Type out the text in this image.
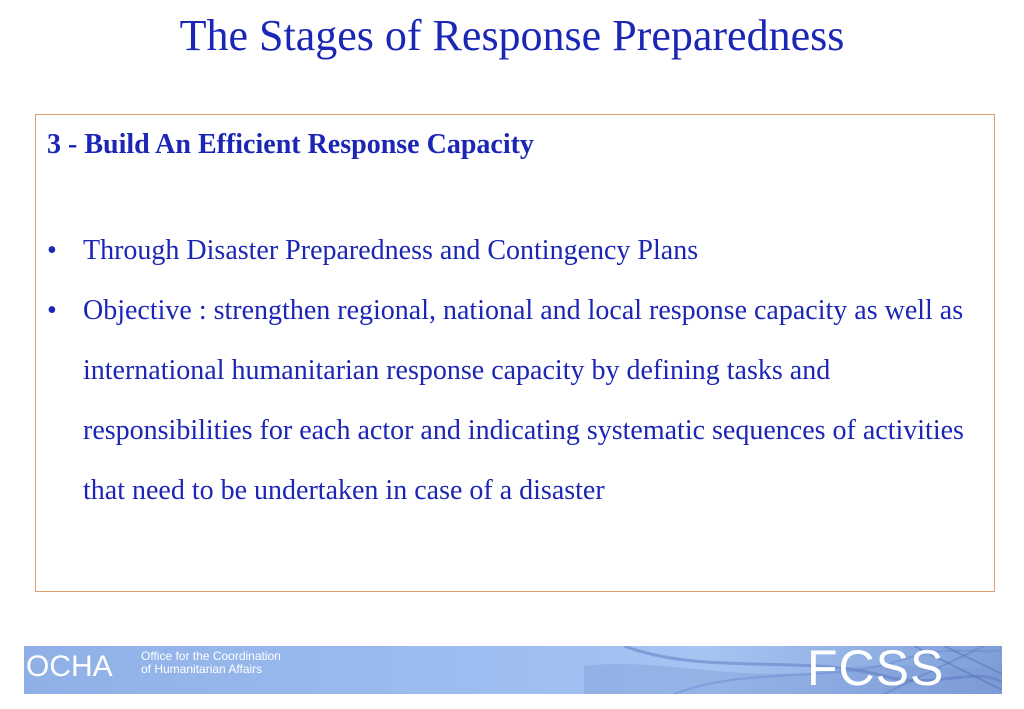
The Stages of Response Preparedness

3 - Build An Efficient Response Capacity

• Through Disaster Preparedness and Contingency Plans
• Objective : strengthen regional, national and local response capacity as well as international humanitarian response capacity by defining tasks and responsibilities for each actor and indicating systematic sequences of activities that need to be undertaken in case of a disaster
OCHA Office for the Coordination
of Humanitarian Affairs	FCSS
